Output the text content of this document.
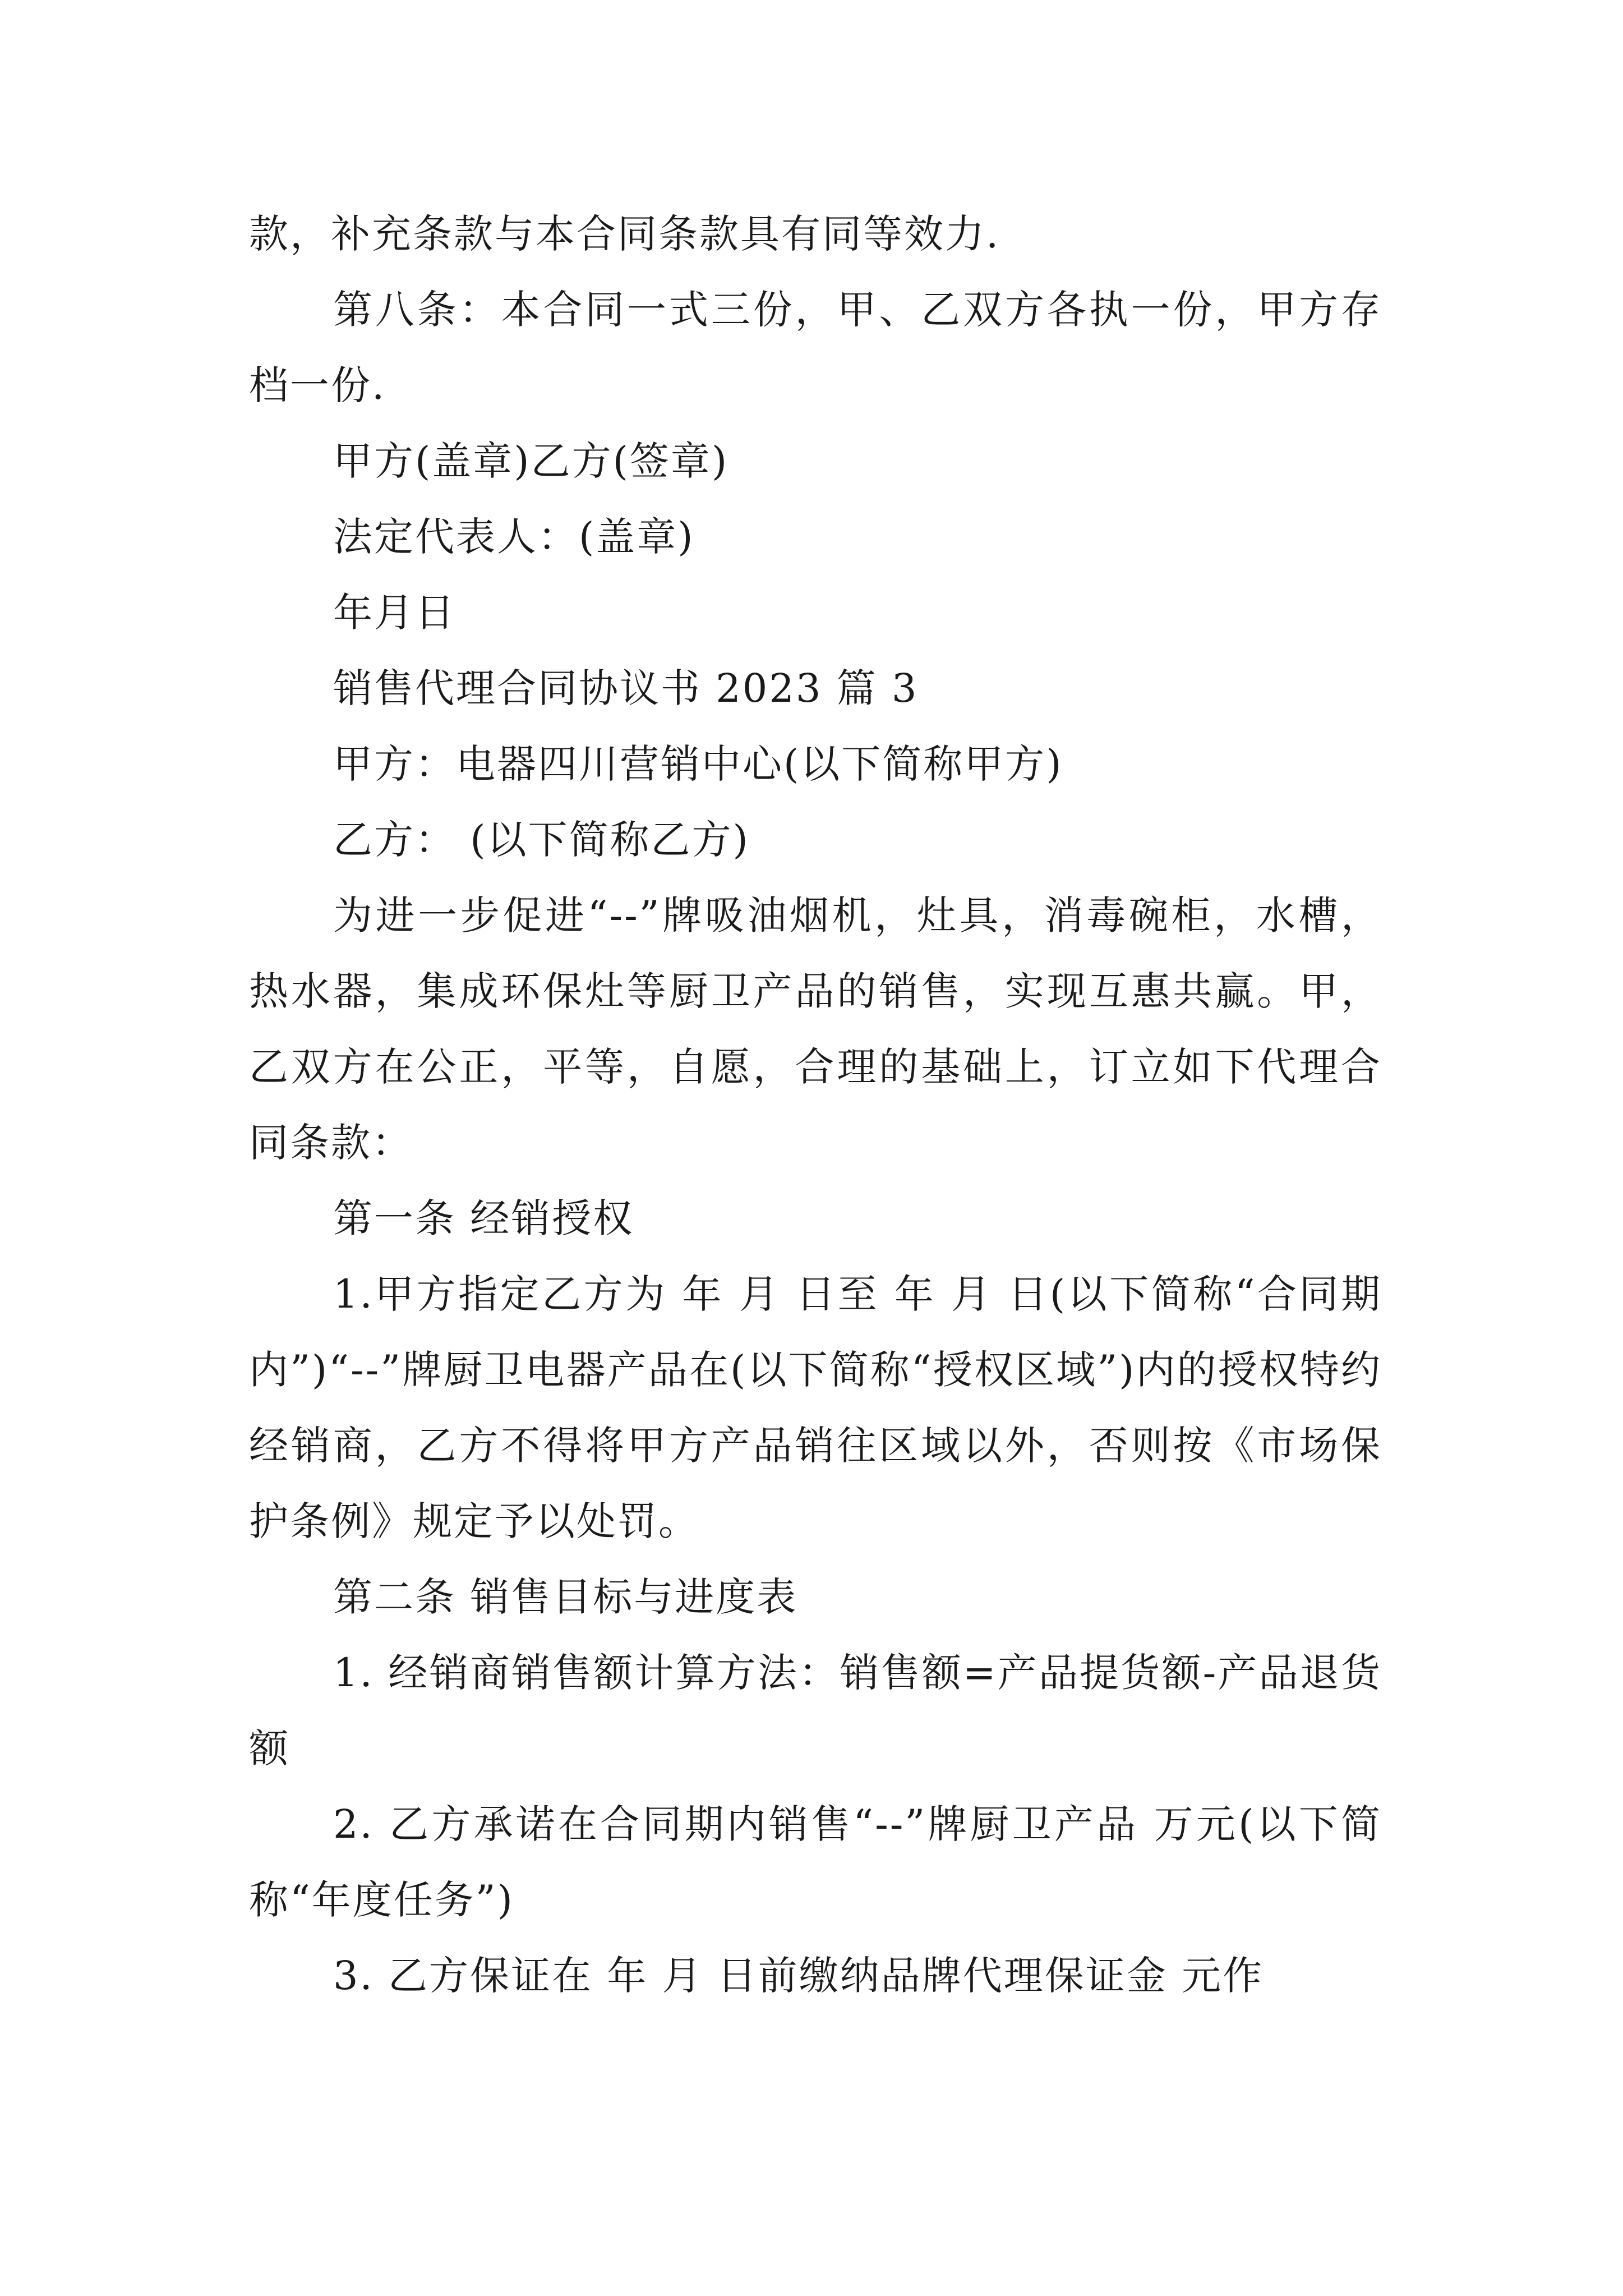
款，补充条款与本合同条款具有同等效力.

第八条：本合同一式三份，甲、乙双方各执一份，甲方存档一份.

甲方(盖章)乙方(签章)

法定代表人：(盖章)

年月日

销售代理合同协议书 2023 篇 3

甲方：电器四川营销中心(以下简称甲方)

乙方： (以下简称乙方)

为进一步促进“--”牌吸油烟机，灶具，消毒碗柜，水槽，热水器，集成环保灶等厨卫产品的销售，实现互惠共赢。甲，乙双方在公正，平等，自愿，合理的基础上，订立如下代理合同条款：

第一条 经销授权

1.甲方指定乙方为 年 月 日至 年 月 日(以下简称“合同期内”)“--”牌厨卫电器产品在(以下简称“授权区域”)内的授权特约经销商，乙方不得将甲方产品销往区域以外，否则按《市场保护条例》规定予以处罚。

第二条 销售目标与进度表

1. 经销商销售额计算方法：销售额=产品提货额-产品退货额

2. 乙方承诺在合同期内销售“--”牌厨卫产品 万元(以下简称“年度任务”)

3. 乙方保证在 年 月 日前缴纳品牌代理保证金 元作
